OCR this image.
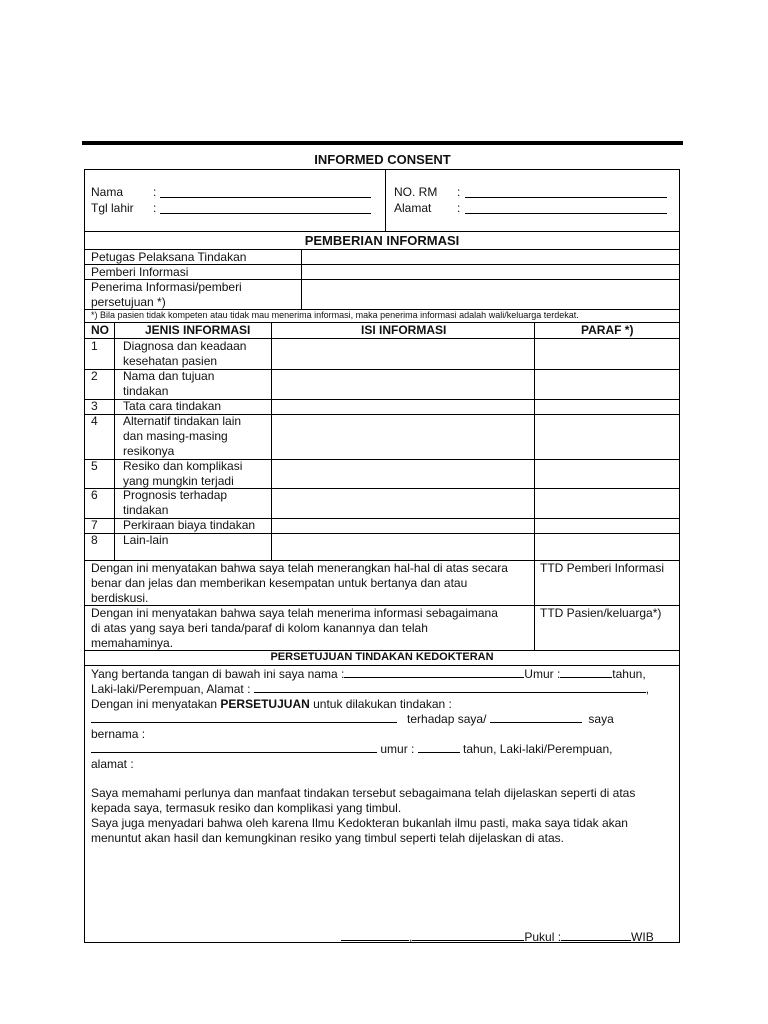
INFORMED CONSENT
Nama :
Tgl lahir :
NO. RM :
Alamat :
PEMBERIAN INFORMASI
Petugas Pelaksana Tindakan
Pemberi Informasi
Penerima Informasi/pemberi
persetujuan *)
*) Bila pasien tidak kompeten atau tidak mau menerima informasi, maka penerima informasi adalah wali/keluarga terdekat.
NO	JENIS INFORMASI	ISI INFORMASI	PARAF *)
1 Diagnosa dan keadaan
kesehatan pasien
2 Nama dan tujuan
tindakan
3 Tata cara tindakan
4 Alternatif tindakan lain
dan masing-masing
resikonya
5 Resiko dan komplikasi
yang mungkin terjadi
6 Prognosis terhadap
tindakan
7 Perkiraan biaya tindakan
8 Lain-lain
Dengan ini menyatakan bahwa saya telah menerangkan hal-hal di atas secara
benar dan jelas dan memberikan kesempatan untuk bertanya dan atau
berdiskusi.
TTD Pemberi Informasi
Dengan ini menyatakan bahwa saya telah menerima informasi sebagaimana
di atas yang saya beri tanda/paraf di kolom kanannya dan telah
memahaminya.
TTD Pasien/keluarga*)
PERSETUJUAN TINDAKAN KEDOKTERAN
Yang bertanda tangan di bawah ini saya nama :	Umur :	tahun,
Laki-laki/Perempuan, Alamat :	,
Dengan ini menyatakan PERSETUJUAN untuk dilakukan tindakan :
terhadap saya/	saya
bernama :
umur :	tahun, Laki-laki/Perempuan,
alamat :
Saya memahami perlunya dan manfaat tindakan tersebut sebagaimana telah dijelaskan seperti di atas
kepada saya, termasuk resiko dan komplikasi yang timbul.
Saya juga menyadari bahwa oleh karena Ilmu Kedokteran bukanlah ilmu pasti, maka saya tidak akan
menuntut akan hasil dan kemungkinan resiko yang timbul seperti telah dijelaskan di atas.
,	Pukul :	WIB
